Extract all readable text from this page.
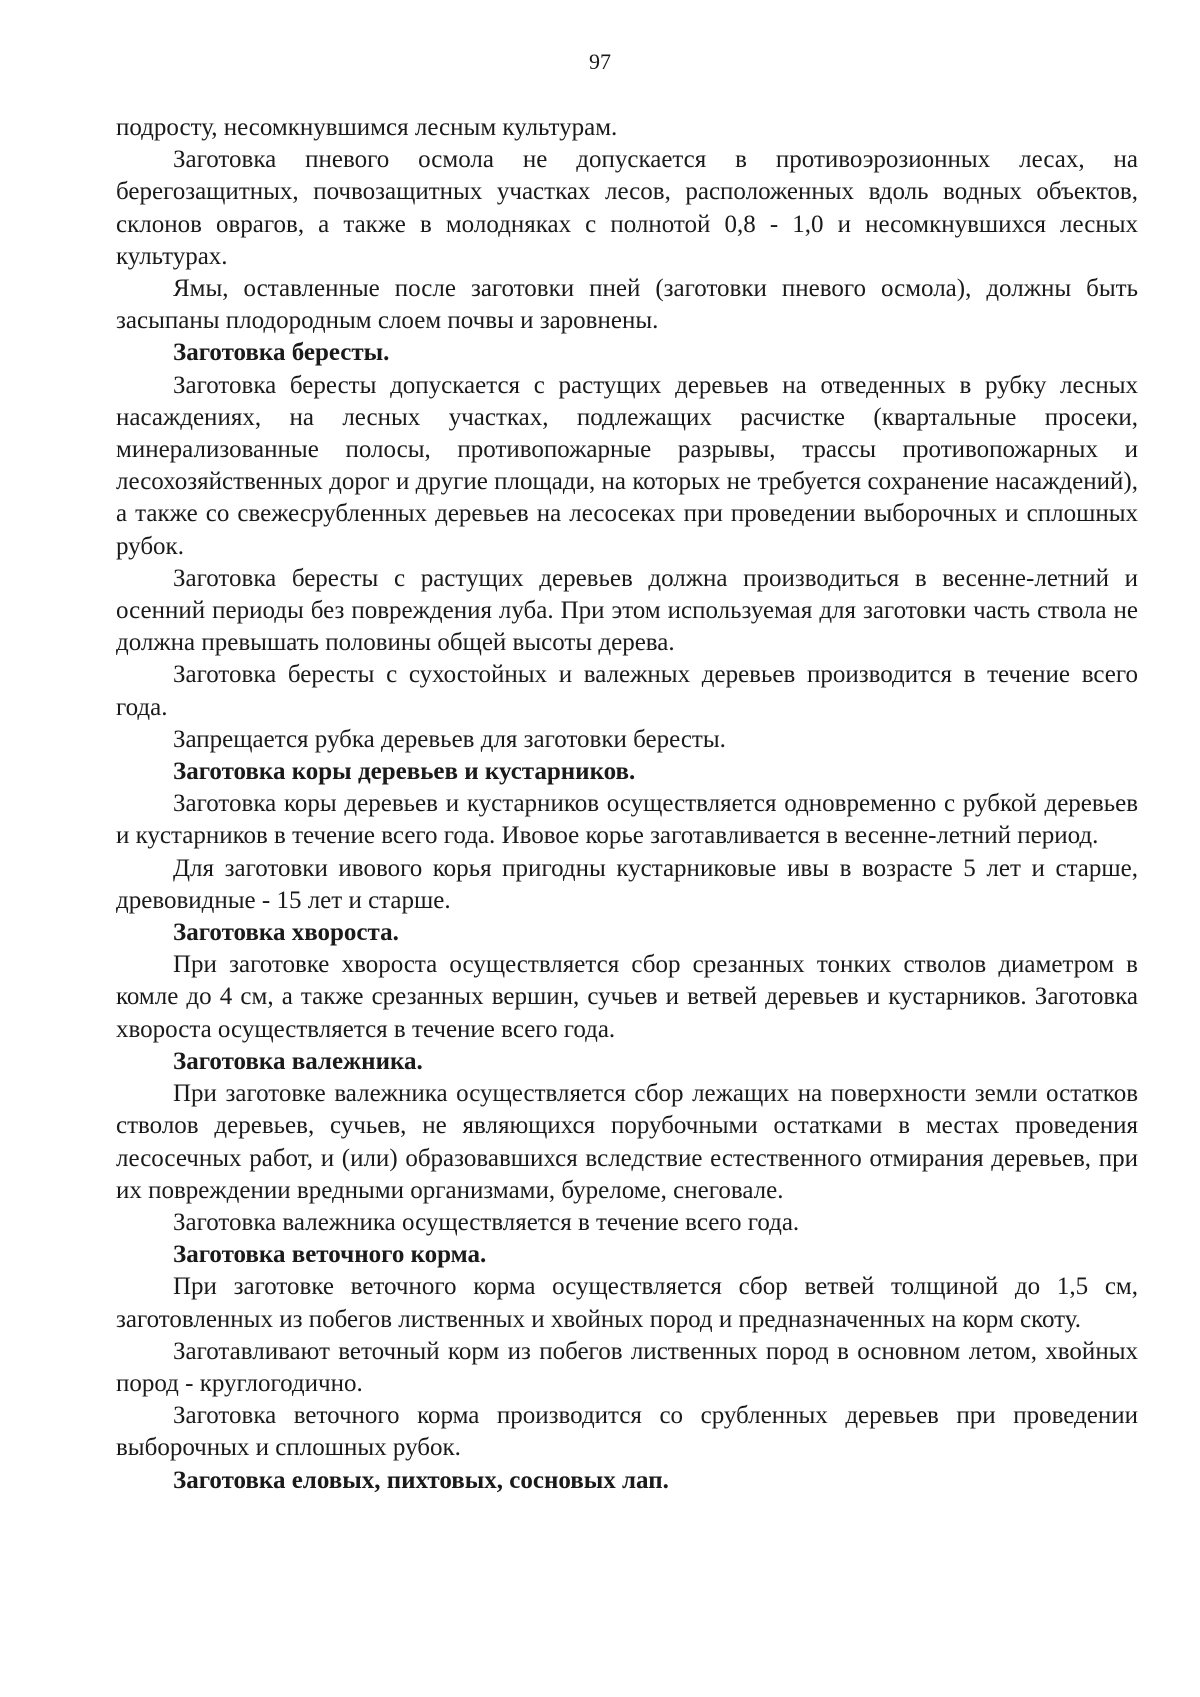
97

подросту, несомкнувшимся лесным культурам.

Заготовка пневого осмола не допускается в противоэрозионных лесах, на берегозащитных, почвозащитных участках лесов, расположенных вдоль водных объектов, склонов оврагов, а также в молодняках с полнотой 0,8 - 1,0 и несомкнувшихся лесных культурах.

Ямы, оставленные после заготовки пней (заготовки пневого осмола), должны быть засыпаны плодородным слоем почвы и заровнены.

Заготовка бересты.

Заготовка бересты допускается с растущих деревьев на отведенных в рубку лесных насаждениях, на лесных участках, подлежащих расчистке (квартальные просеки, минерализованные полосы, противопожарные разрывы, трассы противопожарных и лесохозяйственных дорог и другие площади, на которых не требуется сохранение насаждений), а также со свежесрубленных деревьев на лесосеках при проведении выборочных и сплошных рубок.

Заготовка бересты с растущих деревьев должна производиться в весенне-летний и осенний периоды без повреждения луба. При этом используемая для заготовки часть ствола не должна превышать половины общей высоты дерева.

Заготовка бересты с сухостойных и валежных деревьев производится в течение всего года.

Запрещается рубка деревьев для заготовки бересты.

Заготовка коры деревьев и кустарников.

Заготовка коры деревьев и кустарников осуществляется одновременно с рубкой деревьев и кустарников в течение всего года. Ивовое корье заготавливается в весенне-летний период.

Для заготовки ивового корья пригодны кустарниковые ивы в возрасте 5 лет и старше, древовидные - 15 лет и старше.

Заготовка хвороста.

При заготовке хвороста осуществляется сбор срезанных тонких стволов диаметром в комле до 4 см, а также срезанных вершин, сучьев и ветвей деревьев и кустарников. Заготовка хвороста осуществляется в течение всего года.

Заготовка валежника.

При заготовке валежника осуществляется сбор лежащих на поверхности земли остатков стволов деревьев, сучьев, не являющихся порубочными остатками в местах проведения лесосечных работ, и (или) образовавшихся вследствие естественного отмирания деревьев, при их повреждении вредными организмами, буреломе, снеговале.

Заготовка валежника осуществляется в течение всего года.

Заготовка веточного корма.

При заготовке веточного корма осуществляется сбор ветвей толщиной до 1,5 см, заготовленных из побегов лиственных и хвойных пород и предназначенных на корм скоту.

Заготавливают веточный корм из побегов лиственных пород в основном летом, хвойных пород - круглогодично.

Заготовка веточного корма производится со срубленных деревьев при проведении выборочных и сплошных рубок.

Заготовка еловых, пихтовых, сосновых лап.
